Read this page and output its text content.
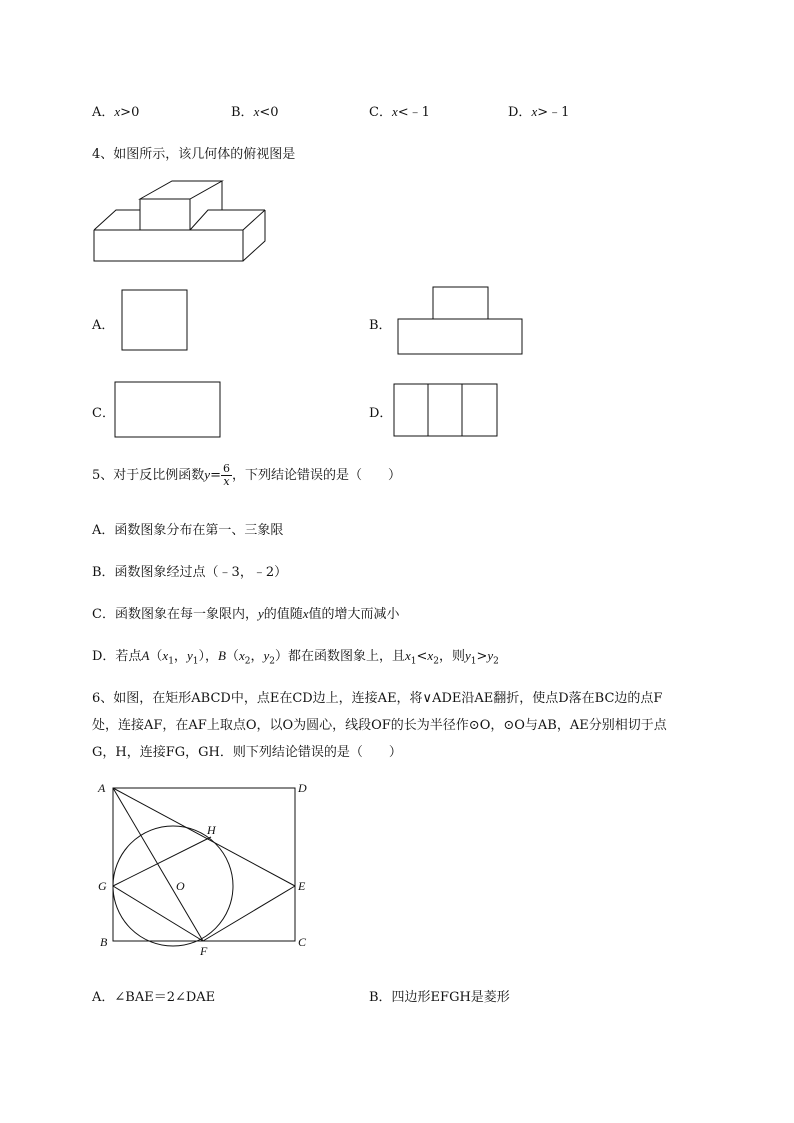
A．x>0	B．x<0	C．x<﹣1	D．x>﹣1
4、如图所示，该几何体的俯视图是
A．	B．
C．	D．
5、对于反比例函数$y= \frac{6}{x}$ ，下列结论错误的是（　　）
A．函数图象分布在第一、三象限
B．函数图象经过点（﹣3，﹣2）
C．函数图象在每一象限内，y的值随x值的增大而减小
D．若点$A(x_1$，$y_1$），$B(x_2$，$y_2$）都在函数图象上，且$x_1<x_2$，则$y_1>y_2$
6、如图，在矩形ABCD中，点E在CD边上，连接AE，将∨ADE沿AE翻折，使点D落在BC边的点F
处，连接AF，在AF上取点O，以O为圆心，线段OF的长为半径作⊙O，⊙O与AB，AE分别相切于点
G，H，连接FG，GH．则下列结论错误的是（　　）
A	D
H
G	O	E
B	C
F
A．∠BAE＝2∠DAE	B．四边形EFGH是菱形
